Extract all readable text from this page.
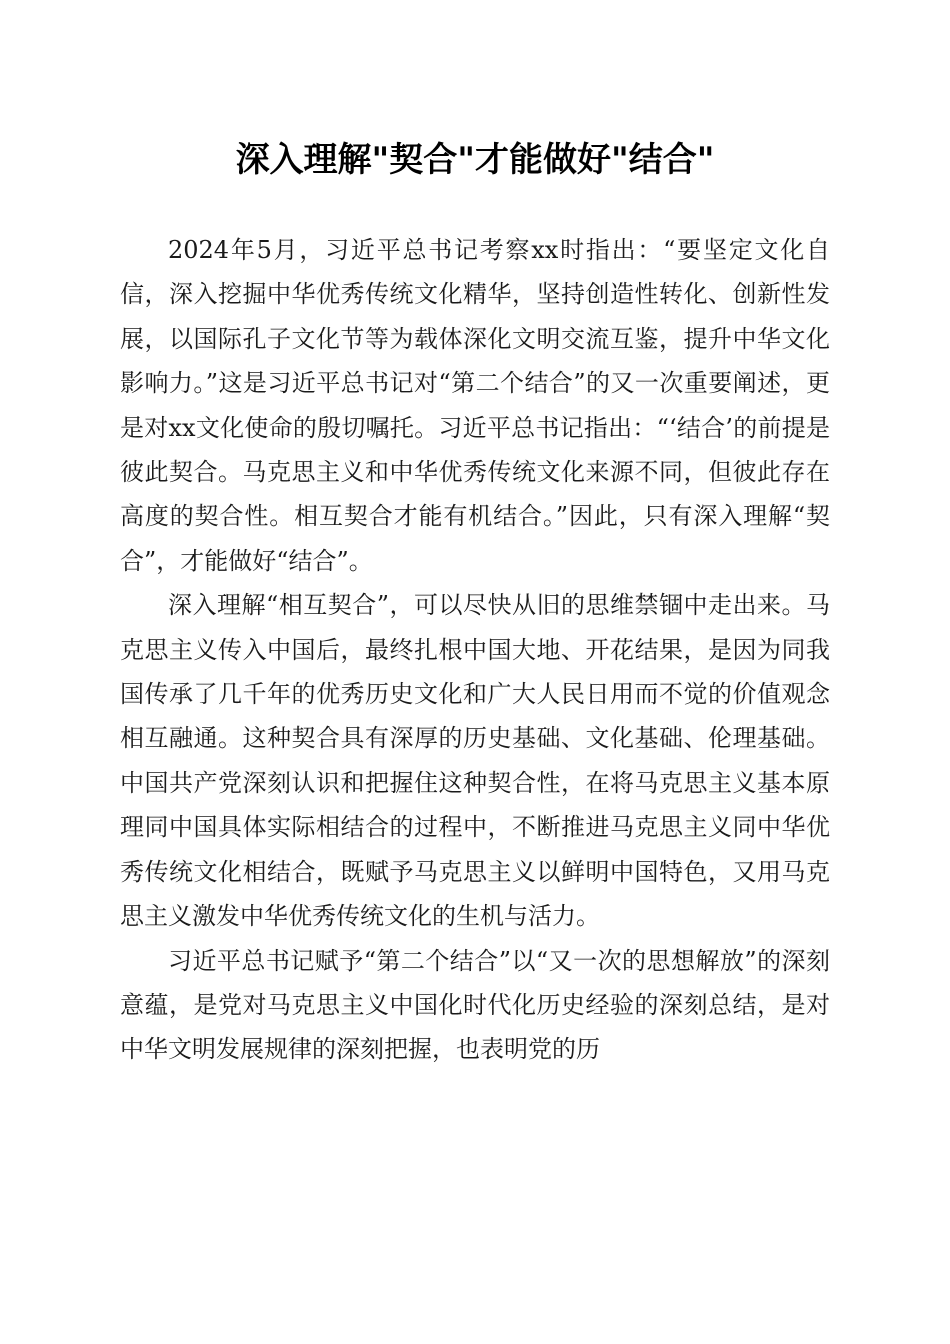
深入理解"契合"才能做好"结合"

2024年5月，习近平总书记考察xx时指出：“要坚定文化自信，深入挖掘中华优秀传统文化精华，坚持创造性转化、创新性发展，以国际孔子文化节等为载体深化文明交流互鉴，提升中华文化影响力。”这是习近平总书记对“第二个结合”的又一次重要阐述，更是对xx文化使命的殷切嘱托。习近平总书记指出：“‘结合’的前提是彼此契合。马克思主义和中华优秀传统文化来源不同，但彼此存在高度的契合性。相互契合才能有机结合。”因此，只有深入理解“契合”，才能做好“结合”。

深入理解“相互契合”，可以尽快从旧的思维禁锢中走出来。马克思主义传入中国后，最终扎根中国大地、开花结果，是因为同我国传承了几千年的优秀历史文化和广大人民日用而不觉的价值观念相互融通。这种契合具有深厚的历史基础、文化基础、伦理基础。中国共产党深刻认识和把握住这种契合性，在将马克思主义基本原理同中国具体实际相结合的过程中，不断推进马克思主义同中华优秀传统文化相结合，既赋予马克思主义以鲜明中国特色，又用马克思主义激发中华优秀传统文化的生机与活力。

习近平总书记赋予“第二个结合”以“又一次的思想解放”的深刻意蕴，是党对马克思主义中国化时代化历史经验的深刻总结，是对中华文明发展规律的深刻把握，也表明党的历
